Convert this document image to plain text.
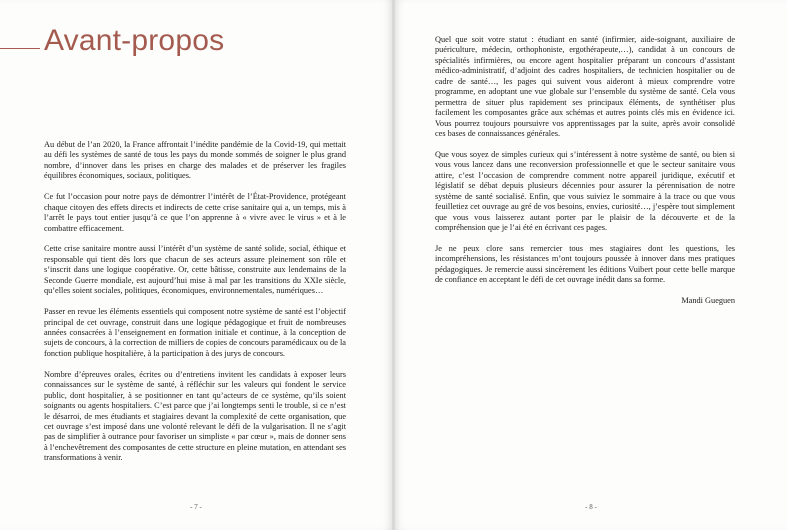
Avant-propos

Au début de l’an 2020, la France affrontait l’inédite pandémie de la Covid-19, qui mettait au défi les systèmes de santé de tous les pays du monde sommés de soigner le plus grand nombre, d’innover dans les prises en charge des malades et de préserver les fragiles équilibres économiques, sociaux, politiques.

Ce fut l’occasion pour notre pays de démontrer l’intérêt de l’État-Providence, protégeant chaque citoyen des effets directs et indirects de cette crise sanitaire qui a, un temps, mis à l’arrêt le pays tout entier jusqu’à ce que l’on apprenne à « vivre avec le virus » et à le combattre efficacement.

Cette crise sanitaire montre aussi l’intérêt d’un système de santé solide, social, éthique et responsable qui tient dès lors que chacun de ses acteurs assure pleinement son rôle et s’inscrit dans une logique coopérative. Or, cette bâtisse, construite aux lendemains de la Seconde Guerre mondiale, est aujourd’hui mise à mal par les transitions du XXIe siècle, qu’elles soient sociales, politiques, économiques, environnementales, numériques…

Passer en revue les éléments essentiels qui composent notre système de santé est l’objectif principal de cet ouvrage, construit dans une logique pédagogique et fruit de nombreuses années consacrées à l’enseignement en formation initiale et continue, à la conception de sujets de concours, à la correction de milliers de copies de concours paramédicaux ou de la fonction publique hospitalière, à la participation à des jurys de concours.

Nombre d’épreuves orales, écrites ou d’entretiens invitent les candidats à exposer leurs connaissances sur le système de santé, à réfléchir sur les valeurs qui fondent le service public, dont hospitalier, à se positionner en tant qu’acteurs de ce système, qu’ils soient soignants ou agents hospitaliers. C’est parce que j’ai longtemps senti le trouble, si ce n’est le désarroi, de mes étudiants et stagiaires devant la complexité de cette organisation, que cet ouvrage s’est imposé dans une volonté relevant le défi de la vulgarisation. Il ne s’agit pas de simplifier à outrance pour favoriser un simpliste « par cœur », mais de donner sens à l’enchevêtrement des composantes de cette structure en pleine mutation, en attendant ses transformations à venir.

- 7 -

Quel que soit votre statut : étudiant en santé (infirmier, aide-soignant, auxiliaire de puériculture, médecin, orthophoniste, ergothérapeute,…), candidat à un concours de spécialités infirmières, ou encore agent hospitalier préparant un concours d’assistant médico-administratif, d’adjoint des cadres hospitaliers, de technicien hospitalier ou de cadre de santé…, les pages qui suivent vous aideront à mieux comprendre votre programme, en adoptant une vue globale sur l’ensemble du système de santé. Cela vous permettra de situer plus rapidement ses principaux éléments, de synthétiser plus facilement les composantes grâce aux schémas et autres points clés mis en évidence ici. Vous pourrez toujours poursuivre vos apprentissages par la suite, après avoir consolidé ces bases de connaissances générales.

Que vous soyez de simples curieux qui s’intéressent à notre système de santé, ou bien si vous vous lancez dans une reconversion professionnelle et que le secteur sanitaire vous attire, c’est l’occasion de comprendre comment notre appareil juridique, exécutif et législatif se débat depuis plusieurs décennies pour assurer la pérennisation de notre système de santé socialisé. Enfin, que vous suiviez le sommaire à la trace ou que vous feuilletiez cet ouvrage au gré de vos besoins, envies, curiosité…, j’espère tout simplement que vous vous laisserez autant porter par le plaisir de la découverte et de la compréhension que je l’ai été en écrivant ces pages.

Je ne peux clore sans remercier tous mes stagiaires dont les questions, les incompréhensions, les résistances m’ont toujours poussée à innover dans mes pratiques pédagogiques. Je remercie aussi sincèrement les éditions Vuibert pour cette belle marque de confiance en acceptant le défi de cet ouvrage inédit dans sa forme.

Mandi Gueguen

- 8 -
